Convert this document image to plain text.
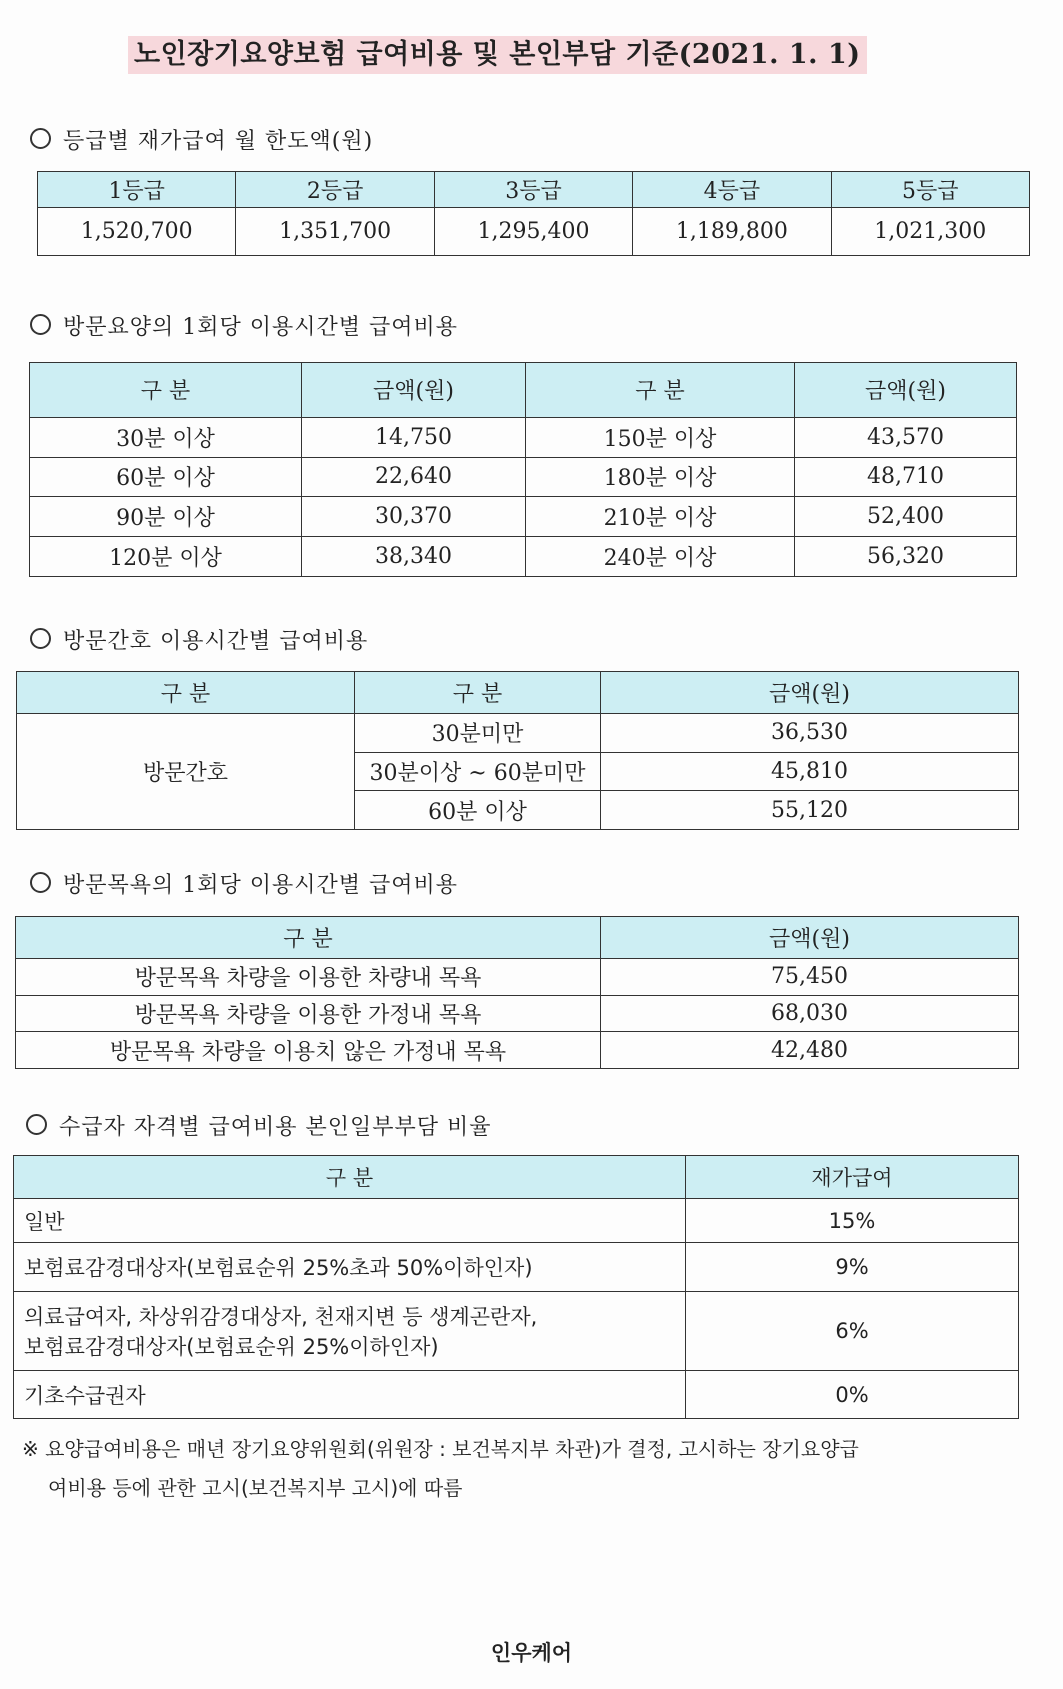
노인장기요양보험 급여비용 및 본인부담 기준(2021. 1. 1)
등급별 재가급여 월 한도액(원)
1등급	2등급	3등급	4등급	5등급
1,520,700	1,351,700	1,295,400	1,189,800	1,021,300
방문요양의 1회당 이용시간별 급여비용
구 분	금액(원)	구 분	금액(원)
30분 이상	14,750	150분 이상	43,570
60분 이상	22,640	180분 이상	48,710
90분 이상	30,370	210분 이상	52,400
120분 이상	38,340	240분 이상	56,320
방문간호 이용시간별 급여비용
구 분	구 분	금액(원)
방문간호	30분미만	36,530
	30분이상 ~ 60분미만	45,810
	60분 이상	55,120
방문목욕의 1회당 이용시간별 급여비용
구 분	금액(원)
방문목욕 차량을 이용한 차량내 목욕	75,450
방문목욕 차량을 이용한 가정내 목욕	68,030
방문목욕 차량을 이용치 않은 가정내 목욕	42,480
수급자 자격별 급여비용 본인일부부담 비율
구 분	재가급여
일반	15%
보험료감경대상자(보험료순위 25%초과 50%이하인자)	9%

의료급여자, 차상위감경대상자, 천재지변 등 생계곤란자,
보험료감경대상자(보험료순위 25%이하인자)	6%
기초수급권자	0%
※ 요양급여비용은 매년 장기요양위원회(위원장 : 보건복지부 차관)가 결정, 고시하는 장기요양급
여비용 등에 관한 고시(보건복지부 고시)에 따름
인우케어
